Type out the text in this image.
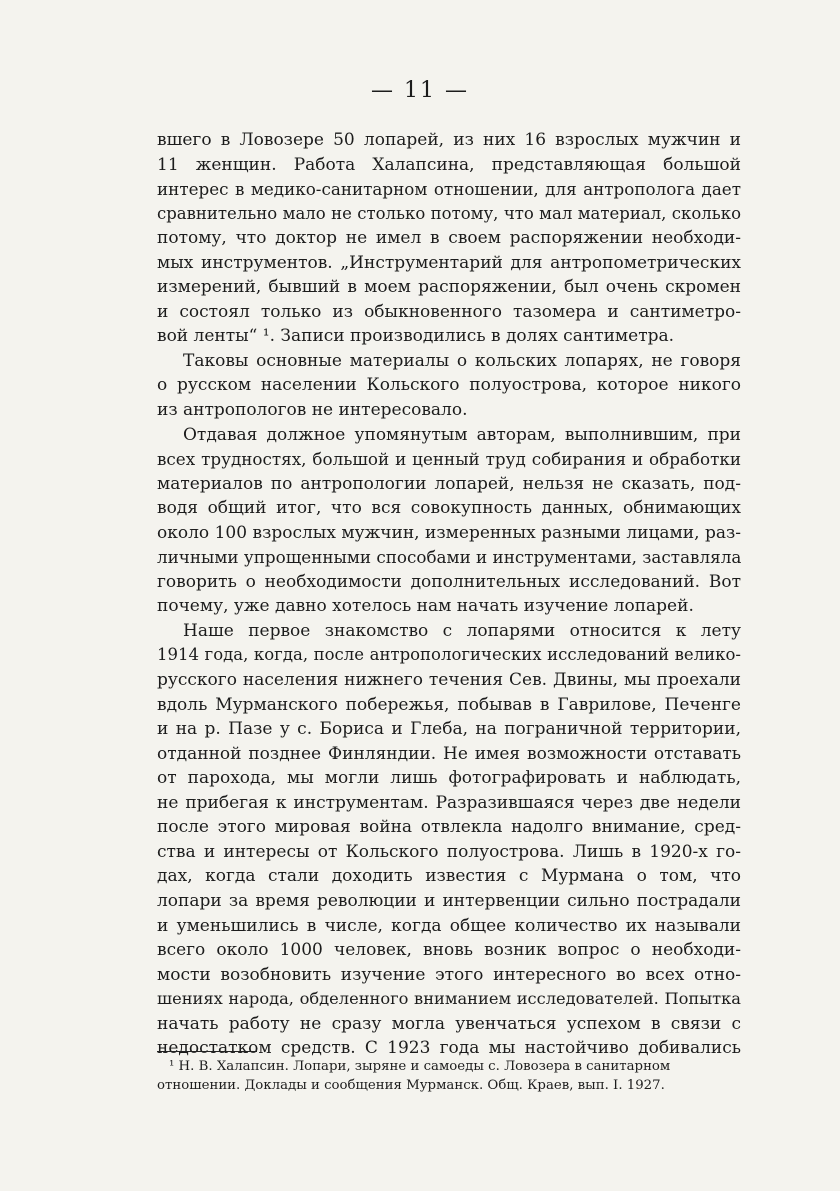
— 11 —
вшего в Ловозере 50 лопарей, из них 16 взрослых мужчин и
11 женщин. Работа Халапсина, представляющая большой
интерес в медико-санитарном отношении, для антрополога дает
сравнительно мало не столько потому, что мал материал, сколько
потому, что доктор не имел в своем распоряжении необходи-
мых инструментов. „Инструментарий для антропометрических
измерений, бывший в моем распоряжении, был очень скромен
и состоял только из обыкновенного тазомера и сантиметро-
вой ленты“ ¹. Записи производились в долях сантиметра.
Таковы основные материалы о кольских лопарях, не говоря
о русском населении Кольского полуострова, которое никого
из антропологов не интересовало.
Отдавая должное упомянутым авторам, выполнившим, при
всех трудностях, большой и ценный труд собирания и обработки
материалов по антропологии лопарей, нельзя не сказать, под-
водя общий итог, что вся совокупность данных, обнимающих
около 100 взрослых мужчин, измеренных разными лицами, раз-
личными упрощенными способами и инструментами, заставляла
говорить о необходимости дополнительных исследований. Вот
почему, уже давно хотелось нам начать изучение лопарей.
Наше первое знакомство с лопарями относится к лету
1914 года, когда, после антропологических исследований велико-
русского населения нижнего течения Сев. Двины, мы проехали
вдоль Мурманского побережья, побывав в Гаврилове, Печенге
и на р. Пазе у с. Бориса и Глеба, на пограничной территории,
отданной позднее Финляндии. Не имея возможности отставать
от парохода, мы могли лишь фотографировать и наблюдать,
не прибегая к инструментам. Разразившаяся через две недели
после этого мировая война отвлекла надолго внимание, сред-
ства и интересы от Кольского полуострова. Лишь в 1920-х го-
дах, когда стали доходить известия с Мурмана о том, что
лопари за время революции и интервенции сильно пострадали
и уменьшились в числе, когда общее количество их называли
всего около 1000 человек, вновь возник вопрос о необходи-
мости возобновить изучение этого интересного во всех отно-
шениях народа, обделенного вниманием исследователей. Попытка
начать работу не сразу могла увенчаться успехом в связи с
недостатком средств. С 1923 года мы настойчиво добивались
¹ Н. В. Халапсин. Лопари, зыряне и самоеды с. Ловозера в санитарном
отношении. Доклады и сообщения Мурманск. Общ. Краев, вып. I. 1927.
